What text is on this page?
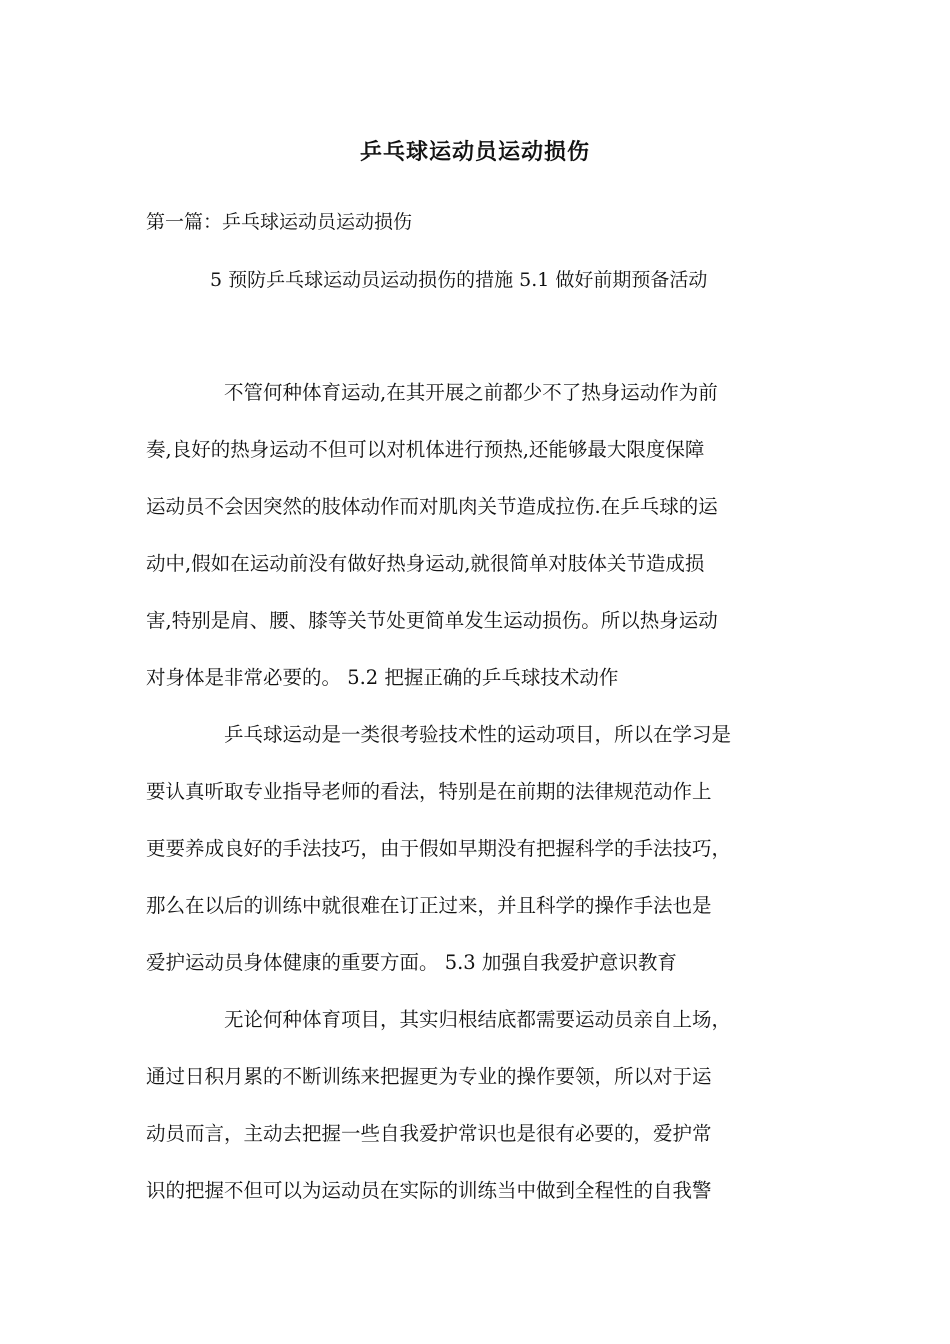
乒乓球运动员运动损伤
第一篇：乒乓球运动员运动损伤
5 预防乒乓球运动员运动损伤的措施 5.1 做好前期预备活动
不管何种体育运动,在其开展之前都少不了热身运动作为前
奏,良好的热身运动不但可以对机体进行预热,还能够最大限度保障
运动员不会因突然的肢体动作而对肌肉关节造成拉伤.在乒乓球的运
动中,假如在运动前没有做好热身运动,就很简单对肢体关节造成损
害,特别是肩、腰、膝等关节处更简单发生运动损伤。所以热身运动
对身体是非常必要的。 5.2 把握正确的乒乓球技术动作
乒乓球运动是一类很考验技术性的运动项目，所以在学习是
要认真听取专业指导老师的看法，特别是在前期的法律规范动作上
更要养成良好的手法技巧，由于假如早期没有把握科学的手法技巧，
那么在以后的训练中就很难在订正过来，并且科学的操作手法也是
爱护运动员身体健康的重要方面。 5.3 加强自我爱护意识教育
无论何种体育项目，其实归根结底都需要运动员亲自上场，
通过日积月累的不断训练来把握更为专业的操作要领，所以对于运
动员而言，主动去把握一些自我爱护常识也是很有必要的，爱护常
识的把握不但可以为运动员在实际的训练当中做到全程性的自我警
